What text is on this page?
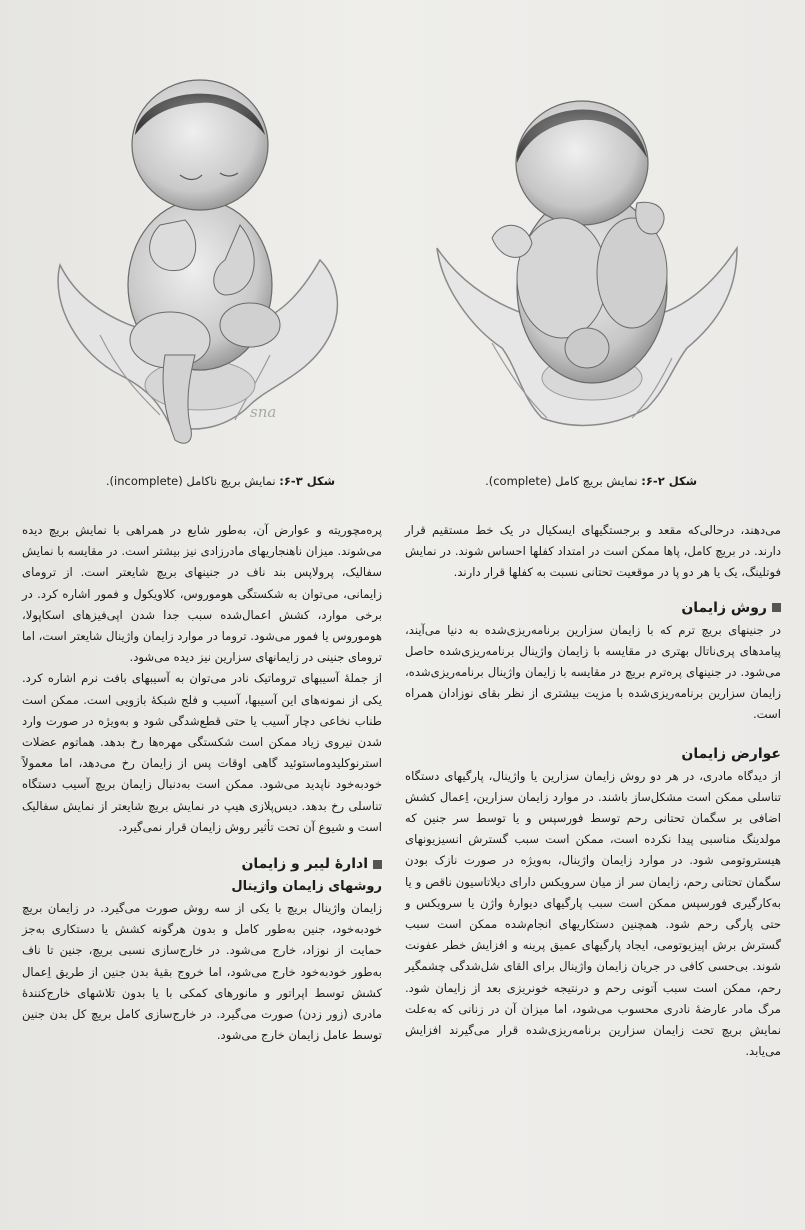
sna
شکل ۳-۶: نمایش بریچ ناکامل (incomplete).	شکل ۲-۶: نمایش بریچ کامل (complete).

می‌دهند، درحالی‌که مقعد و برجستگیهای ایسکیال در یک خط مستقیم قرار دارند. در بریچ کامل، پاها ممکن است در امتداد کفلها احساس شوند. در نمایش فوتلینگ، یک یا هر دو پا در موقعیت تحتانی نسبت به کفلها قرار دارند.

روش زایمان

در جنینهای بریچ ترم که با زایمان سزارین برنامه‌ریزی‌شده به دنیا می‌آیند، پیامدهای پری‌ناتال بهتری در مقایسه با زایمان واژینال برنامه‌ریزی‌شده حاصل می‌شود. در جنینهای پره‌ترم بریچ در مقایسه با زایمان واژینال برنامه‌ریزی‌شده، زایمان سزارین برنامه‌ریزی‌شده با مزیت بیشتری از نظر بقای نوزادان همراه است.

عوارض زایمان

از دیدگاه مادری، در هر دو روش زایمان سزارین یا واژینال، پارگیهای دستگاه تناسلی ممکن است مشکل‌ساز باشند. در موارد زایمان سزارین، اِعمال کشش اضافی بر سگمان تحتانی رحم توسط فورسپس و یا توسط سر جنین که مولدینگ مناسبی پیدا نکرده است، ممکن است سبب گسترش انسیزیونهای هیستروتومی شود. در موارد زایمان واژینال، به‌ویژه در صورت نازک بودن سگمان تحتانی رحم، زایمان سر از میان سرویکس دارای دیلاتاسیون ناقص و یا به‌کارگیری فورسپس ممکن است سبب پارگیهای دیوارهٔ واژن یا سرویکس و حتی پارگی رحم شود. همچنین دستکاریهای انجام‌شده ممکن است سبب گسترش برش اپیزیوتومی، ایجاد پارگیهای عمیق پرینه و افزایش خطر عفونت شوند. بی‌حسی کافی در جریان زایمان واژینال برای القای شل‌شدگی چشمگیر رحم، ممکن است سبب آتونی رحم و درنتیجه خونریزی بعد از زایمان شود. مرگ مادر عارضهٔ نادری محسوب می‌شود، اما میزان آن در زنانی که به‌علت نمایش بریچ تحت زایمان سزارین برنامه‌ریزی‌شده قرار می‌گیرند افزایش می‌یابد.

پره‌مچوریته و عوارض آن، به‌طور شایع در همراهی با نمایش بریچ دیده می‌شوند. میزان ناهنجاریهای مادرزادی نیز بیشتر است. در مقایسه با نمایش سفالیک، پرولاپس بند ناف در جنینهای بریچ شایعتر است. از ترومای زایمانی، می‌توان به شکستگی هوموروس، کلاویکول و فمور اشاره کرد. در برخی موارد، کشش اعمال‌شده سبب جدا شدن اپی‌فیزهای اسکاپولا، هوموروس یا فمور می‌شود. تروما در موارد زایمان واژینال شایعتر است، اما ترومای جنینی در زایمانهای سزارین نیز دیده می‌شود.

از جملهٔ آسیبهای تروماتیک نادر می‌توان به آسیبهای بافت نرم اشاره کرد. یکی از نمونه‌های این آسیبها، آسیب و فلج شبکهٔ بازویی است. ممکن است طناب نخاعی دچار آسیب یا حتی قطع‌شدگی شود و به‌ویژه در صورت وارد شدن نیروی زیاد ممکن است شکستگی مهره‌ها رخ بدهد. هماتوم عضلات استرنوکلیدوماستوئید گاهی اوقات پس از زایمان رخ می‌دهد، اما معمولاً خودبه‌خود ناپدید می‌شود. ممکن است به‌دنبال زایمان بریچ آسیب دستگاه تناسلی رخ بدهد. دیس‌پلازی هیپ در نمایش بریچ شایعتر از نمایش سفالیک است و شیوع آن تحت تأثیر روش زایمان قرار نمی‌گیرد.

ادارهٔ لیبر و زایمان
روشهای زایمان واژینال

زایمان واژینال بریچ با یکی از سه روش صورت می‌گیرد. در زایمان بریچ خودبه‌خود، جنین به‌طور کامل و بدون هرگونه کشش یا دستکاری به‌جز حمایت از نوزاد، خارج می‌شود. در خارج‌سازی نسبی بریچ، جنین تا ناف به‌طور خودبه‌خود خارج می‌شود، اما خروج بقیهٔ بدن جنین از طریق اِعمال کشش توسط اپراتور و مانورهای کمکی با یا بدون تلاشهای خارج‌کنندهٔ مادری (زور زدن) صورت می‌گیرد. در خارج‌سازی کامل بریچ کل بدن جنین توسط عامل زایمان خارج می‌شود.
